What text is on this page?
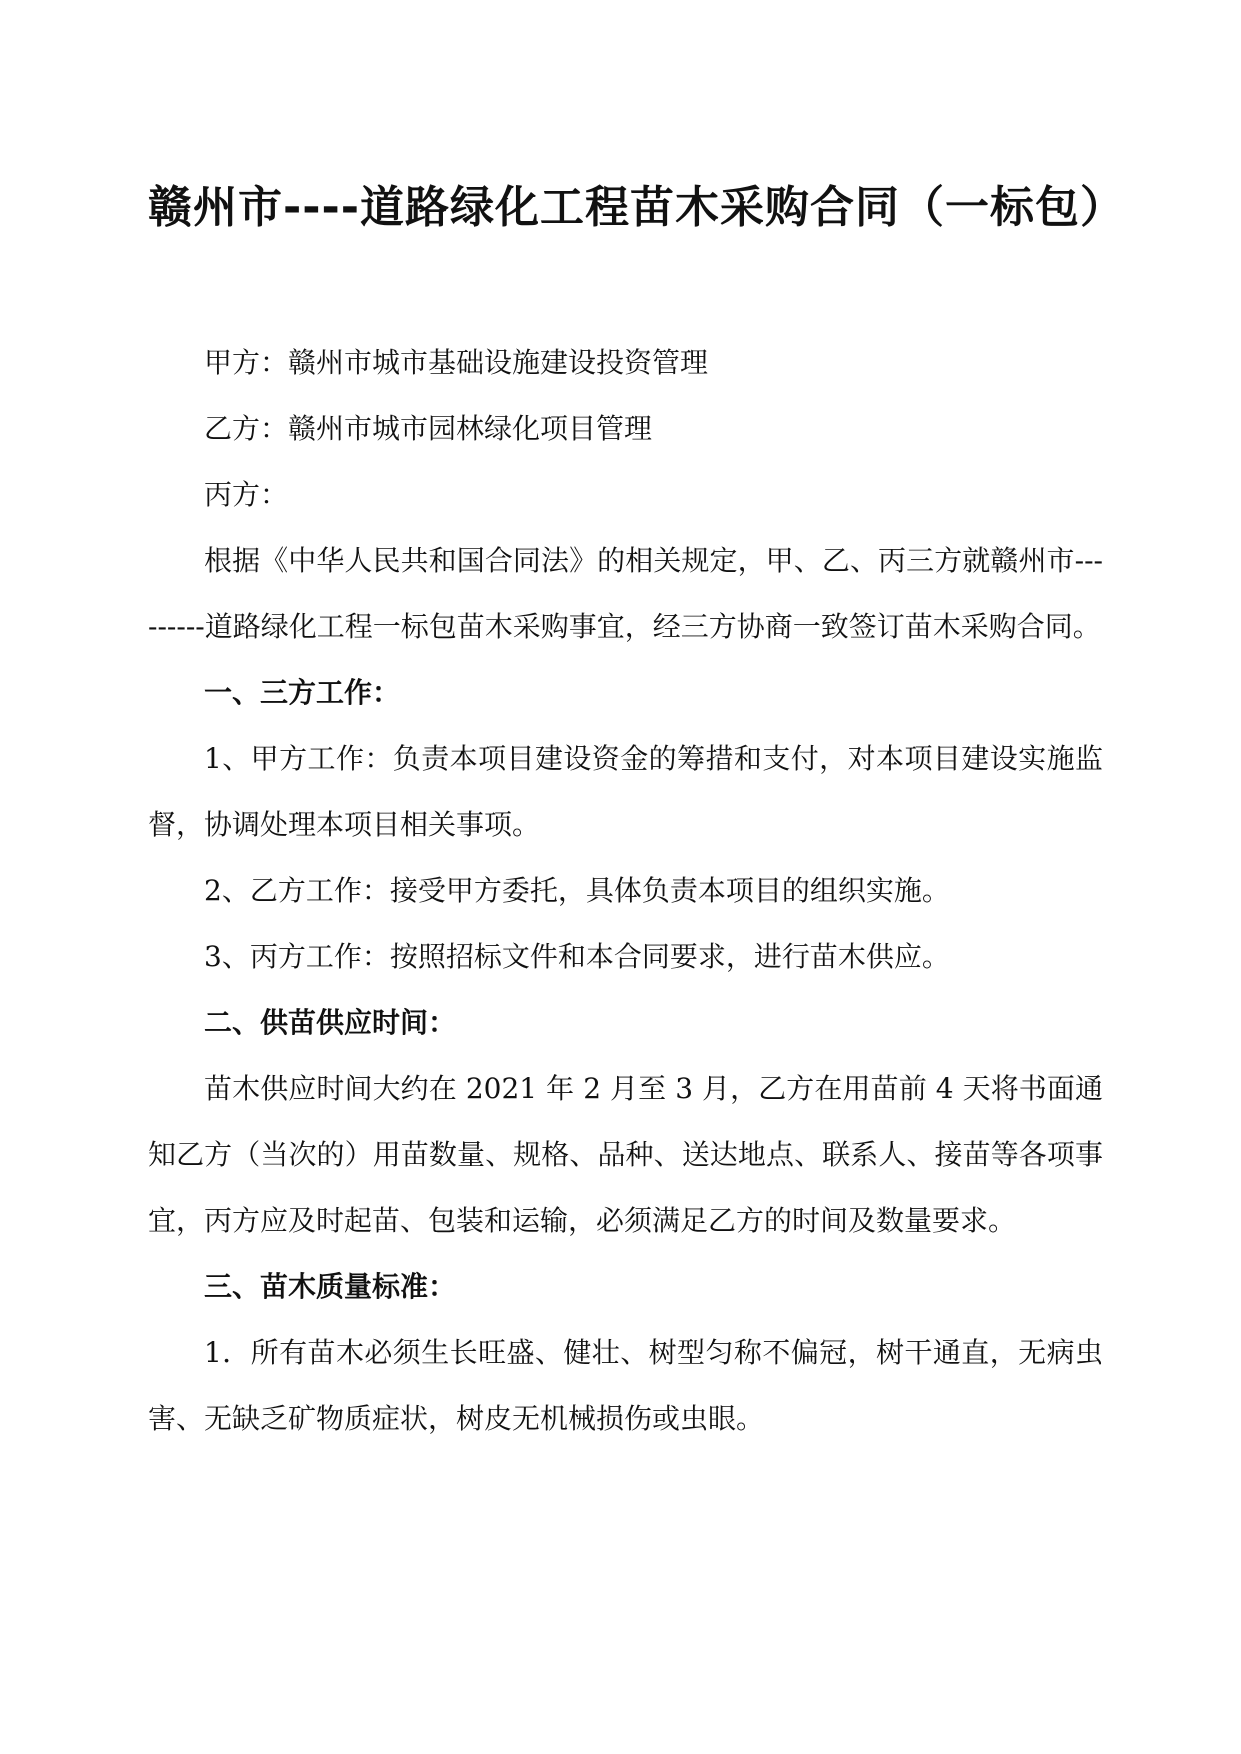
赣州市----道路绿化工程苗木采购合同（一标包）

甲方：赣州市城市基础设施建设投资管理

乙方：赣州市城市园林绿化项目管理

丙方：

根据《中华人民共和国合同法》的相关规定，甲、乙、丙三方就赣州市---------道路绿化工程一标包苗木采购事宜，经三方协商一致签订苗木采购合同。

一、三方工作：

1、甲方工作：负责本项目建设资金的筹措和支付，对本项目建设实施监督，协调处理本项目相关事项。

2、乙方工作：接受甲方委托，具体负责本项目的组织实施。

3、丙方工作：按照招标文件和本合同要求，进行苗木供应。

二、供苗供应时间：

苗木供应时间大约在 2021 年 2 月至 3 月，乙方在用苗前 4 天将书面通知乙方（当次的）用苗数量、规格、品种、送达地点、联系人、接苗等各项事宜，丙方应及时起苗、包装和运输，必须满足乙方的时间及数量要求。

三、苗木质量标准：

1．所有苗木必须生长旺盛、健壮、树型匀称不偏冠，树干通直，无病虫害、无缺乏矿物质症状，树皮无机械损伤或虫眼。
